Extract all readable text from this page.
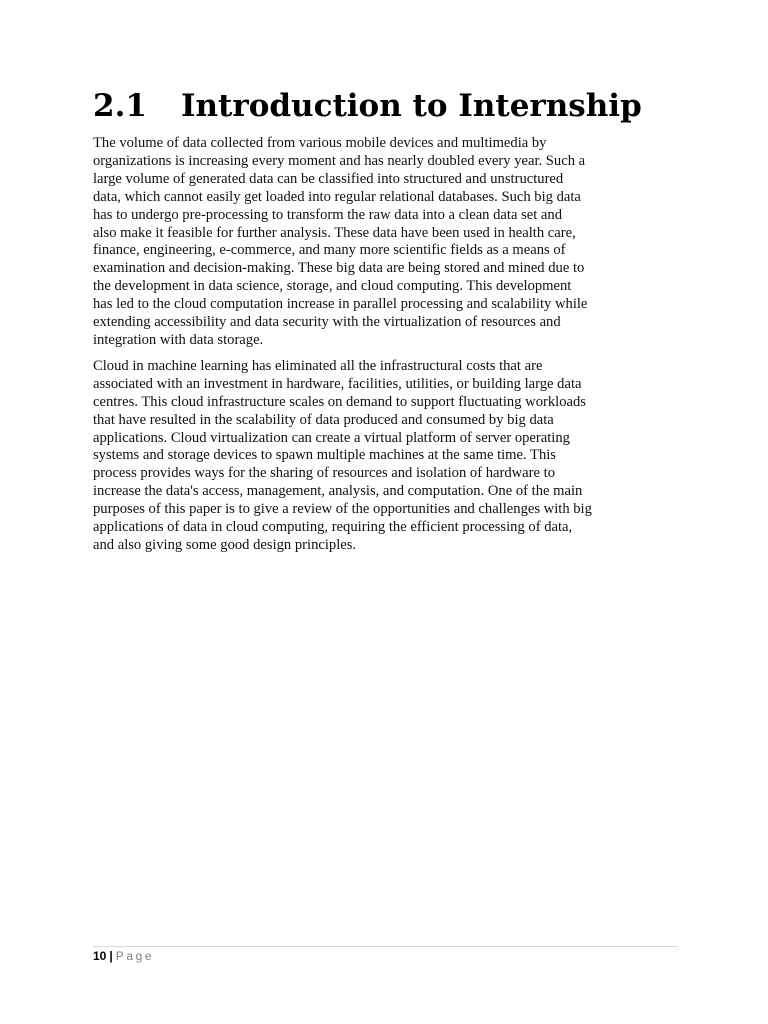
2.1 Introduction to Internship

The volume of data collected from various mobile devices and multimedia by
organizations is increasing every moment and has nearly doubled every year. Such a
large volume of generated data can be classified into structured and unstructured
data, which cannot easily get loaded into regular relational databases. Such big data
has to undergo pre-processing to transform the raw data into a clean data set and
also make it feasible for further analysis. These data have been used in health care,
finance, engineering, e-commerce, and many more scientific fields as a means of
examination and decision-making. These big data are being stored and mined due to
the development in data science, storage, and cloud computing. This development
has led to the cloud computation increase in parallel processing and scalability while
extending accessibility and data security with the virtualization of resources and
integration with data storage.

Cloud in machine learning has eliminated all the infrastructural costs that are
associated with an investment in hardware, facilities, utilities, or building large data
centres. This cloud infrastructure scales on demand to support fluctuating workloads
that have resulted in the scalability of data produced and consumed by big data
applications. Cloud virtualization can create a virtual platform of server operating
systems and storage devices to spawn multiple machines at the same time. This
process provides ways for the sharing of resources and isolation of hardware to
increase the data's access, management, analysis, and computation. One of the main
purposes of this paper is to give a review of the opportunities and challenges with big
applications of data in cloud computing, requiring the efficient processing of data,
and also giving some good design principles.

10 | Page
